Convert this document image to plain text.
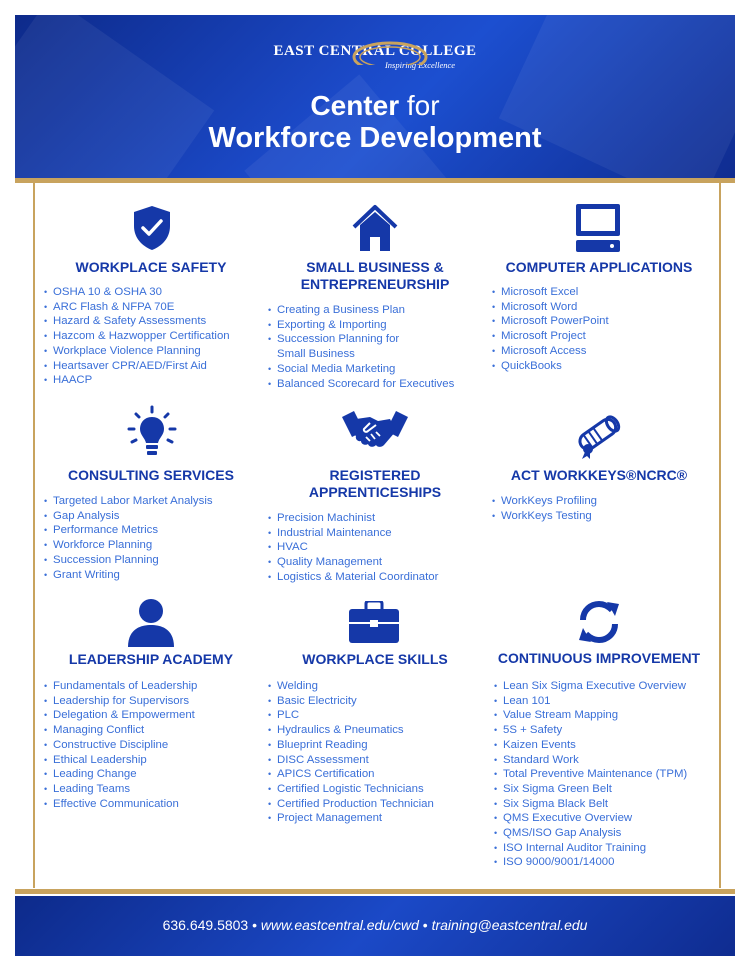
EAST CENTRAL COLLEGE
Inspiring Excellence
Center for
Workforce Development
WORKPLACE SAFETY
• OSHA 10 & OSHA 30
• ARC Flash & NFPA 70E
• Hazard & Safety Assessments
• Hazcom & Hazwopper Certification
• Workplace Violence Planning
• Heartsaver CPR/AED/First Aid
• HAACP
SMALL BUSINESS &
ENTREPRENEURSHIP
• Creating a Business Plan
• Exporting & Importing
• Succession Planning for
Small Business
• Social Media Marketing
• Balanced Scorecard for Executives
COMPUTER APPLICATIONS
• Microsoft Excel
• Microsoft Word
• Microsoft PowerPoint
• Microsoft Project
• Microsoft Access
• QuickBooks
CONSULTING SERVICES
• Targeted Labor Market Analysis
• Gap Analysis
• Performance Metrics
• Workforce Planning
• Succession Planning
• Grant Writing
REGISTERED
APPRENTICESHIPS
• Precision Machinist
• Industrial Maintenance
• HVAC
• Quality Management
• Logistics & Material Coordinator
ACT WORKKEYS®NCRC®
• WorkKeys Profiling
• WorkKeys Testing
LEADERSHIP ACADEMY
• Fundamentals of Leadership
• Leadership for Supervisors
• Delegation & Empowerment
• Managing Conflict
• Constructive Discipline
• Ethical Leadership
• Leading Change
• Leading Teams
• Effective Communication
WORKPLACE SKILLS
• Welding
• Basic Electricity
• PLC
• Hydraulics & Pneumatics
• Blueprint Reading
• DISC Assessment
• APICS Certification
• Certified Logistic Technicians
• Certified Production Technician
• Project Management
CONTINUOUS IMPROVEMENT
• Lean Six Sigma Executive Overview
• Lean 101
• Value Stream Mapping
• 5S + Safety
• Kaizen Events
• Standard Work
• Total Preventive Maintenance (TPM)
• Six Sigma Green Belt
• Six Sigma Black Belt
• QMS Executive Overview
• QMS/ISO Gap Analysis
• ISO Internal Auditor Training
• ISO 9000/9001/14000
636.649.5803 • www.eastcentral.edu/cwd • training@eastcentral.edu
